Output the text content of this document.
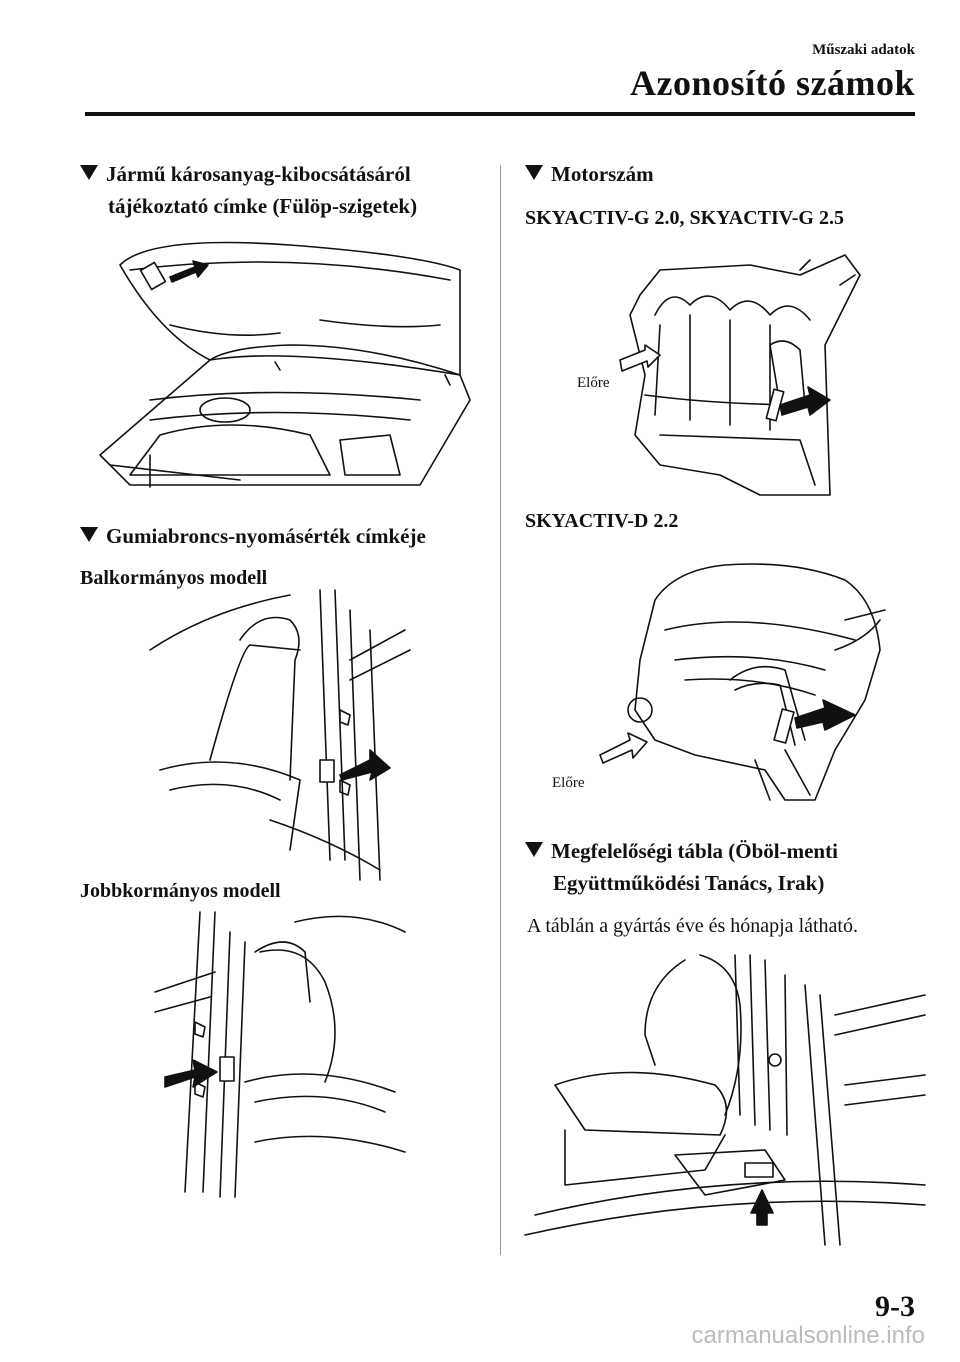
Műszaki adatok
Azonosító számok
Jármű károsanyag-kibocsátásáról
tájékoztató címke (Fülöp-szigetek)
Gumiabroncs-nyomásérték címkéje
Balkormányos modell
Jobbkormányos modell
Motorszám
SKYACTIV-G 2.0, SKYACTIV-G 2.5
Előre
SKYACTIV-D 2.2
Előre
Megfelelőségi tábla (Öböl-menti
Együttműködési Tanács, Irak)
A táblán a gyártás éve és hónapja látható.
9-3
carmanualsonline.info
